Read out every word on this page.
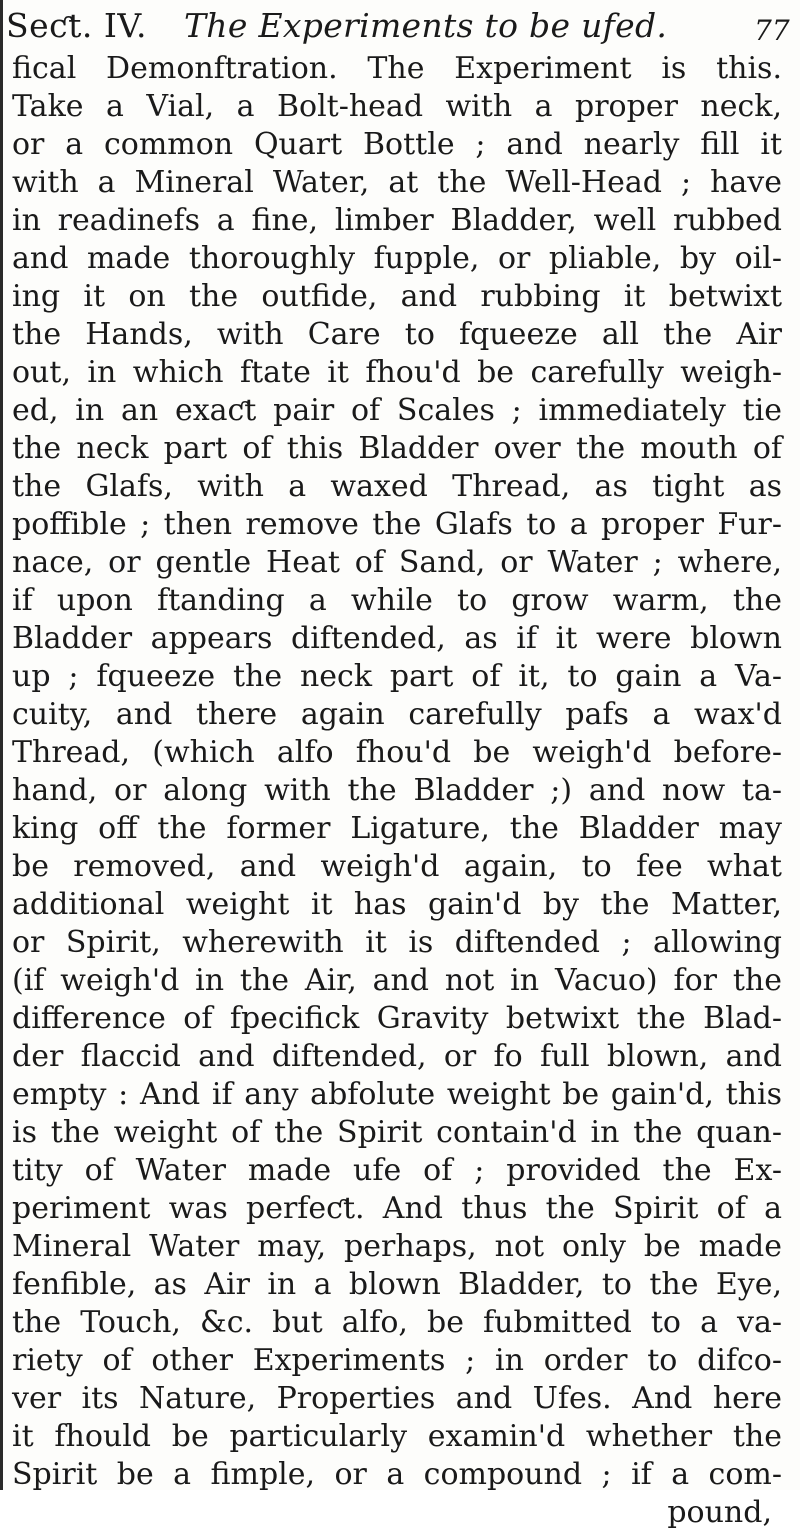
Seƈt. IV. The Experiments to be ufed.	77
fical Demonftration. The Experiment is this.
Take a Vial, a Bolt-head with a proper neck,
or a common Quart Bottle ; and nearly fill it
with a Mineral Water, at the Well-Head ; have
in readinefs a fine, limber Bladder, well rubbed
and made thoroughly fupple, or pliable, by oil-
ing it on the outfide, and rubbing it betwixt
the Hands, with Care to fqueeze all the Air
out, in which ftate it fhou'd be carefully weigh-
ed, in an exaƈt pair of Scales ; immediately tie
the neck part of this Bladder over the mouth of
the Glafs, with a waxed Thread, as tight as
poffible ; then remove the Glafs to a proper Fur-
nace, or gentle Heat of Sand, or Water ; where,
if upon ftanding a while to grow warm, the
Bladder appears diftended, as if it were blown
up ; fqueeze the neck part of it, to gain a Va-
cuity, and there again carefully pafs a wax'd
Thread, (which alfo fhou'd be weigh'd before-
hand, or along with the Bladder ;) and now ta-
king off the former Ligature, the Bladder may
be removed, and weigh'd again, to fee what
additional weight it has gain'd by the Matter,
or Spirit, wherewith it is diftended ; allowing
(if weigh'd in the Air, and not in Vacuo) for the
difference of fpecifick Gravity betwixt the Blad-
der flaccid and diftended, or fo full blown, and
empty : And if any abfolute weight be gain'd, this
is the weight of the Spirit contain'd in the quan-
tity of Water made ufe of ; provided the Ex-
periment was perfeƈt. And thus the Spirit of a
Mineral Water may, perhaps, not only be made
fenfible, as Air in a blown Bladder, to the Eye,
the Touch, &c. but alfo, be fubmitted to a va-
riety of other Experiments ; in order to difco-
ver its Nature, Properties and Ufes. And here
it fhould be particularly examin'd whether the
Spirit be a fimple, or a compound ; if a com-
pound,
